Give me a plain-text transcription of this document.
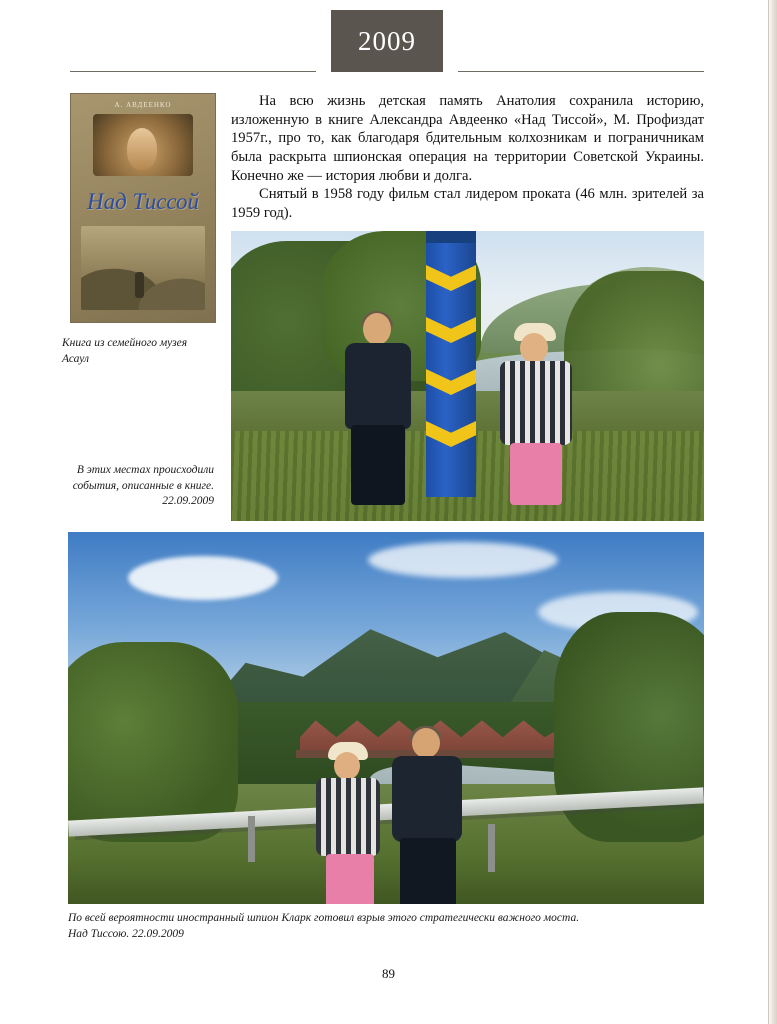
2009
А. АВДЕЕНКО
Над Тиссой
Книга из семейного музея Асаул
В этих местах происходили события, описанные в книге. 22.09.2009

На всю жизнь детская память Анатолия сохранила историю, изложенную в книге Александра Авдеенко «Над Тиссой», М. Профиздат 1957г., про то, как благодаря бдительным колхозникам и пограничникам была раскрыта шпионская операция на территории Советской Украины. Конечно же — история любви и долга.

Снятый в 1958 году фильм стал лидером проката (46 млн. зрителей за 1959 год).

По всей вероятности иностранный шпион Кларк готовил взрыв этого стратегически важного моста.
Над Тиссою. 22.09.2009
89
